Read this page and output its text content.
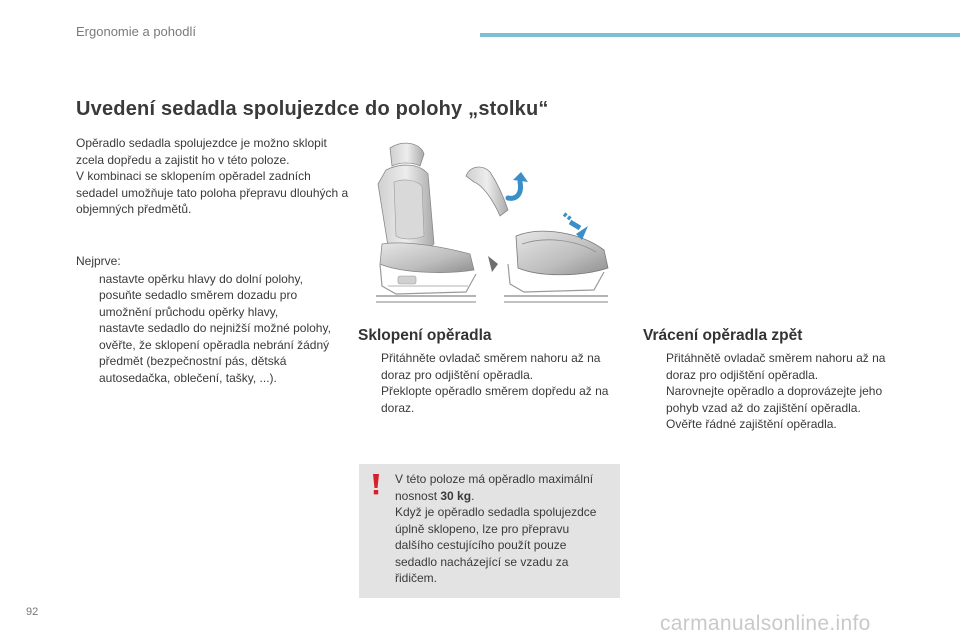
Ergonomie a pohodlí
Uvedení sedadla spolujezdce do polohy „stolku“

Opěradlo sedadla spolujezdce je možno sklopit zcela dopředu a zajistit ho v této poloze.

V kombinaci se sklopením opěradel zadních sedadel umožňuje tato poloha přepravu dlouhých a objemných předmětů.

Nejprve:

nastavte opěrku hlavy do dolní polohy,
posuňte sedadlo směrem dozadu pro umožnění průchodu opěrky hlavy,
nastavte sedadlo do nejnižší možné polohy,
ověřte, že sklopení opěradla nebrání žádný předmět (bezpečnostní pás, dětská autosedačka, oblečení, tašky, ...).
Sklopení opěradla
Přitáhněte ovladač směrem nahoru až na doraz pro odjištění opěradla.
Překlopte opěradlo směrem dopředu až na doraz.
Vrácení opěradla zpět
Přitáhnětě ovladač směrem nahoru až na doraz pro odjištění opěradla.
Narovnejte opěradlo a doprovázejte jeho pohyb vzad až do zajištění opěradla.
Ověřte řádné zajištění opěradla.

V této poloze má opěradlo maximální nosnost 30 kg.

Když je opěradlo sedadla spolujezdce úplně sklopeno, lze pro přepravu dalšího cestujícího použít pouze sedadlo nacházející se vzadu za řidičem.

92	carmanualsonline.info
